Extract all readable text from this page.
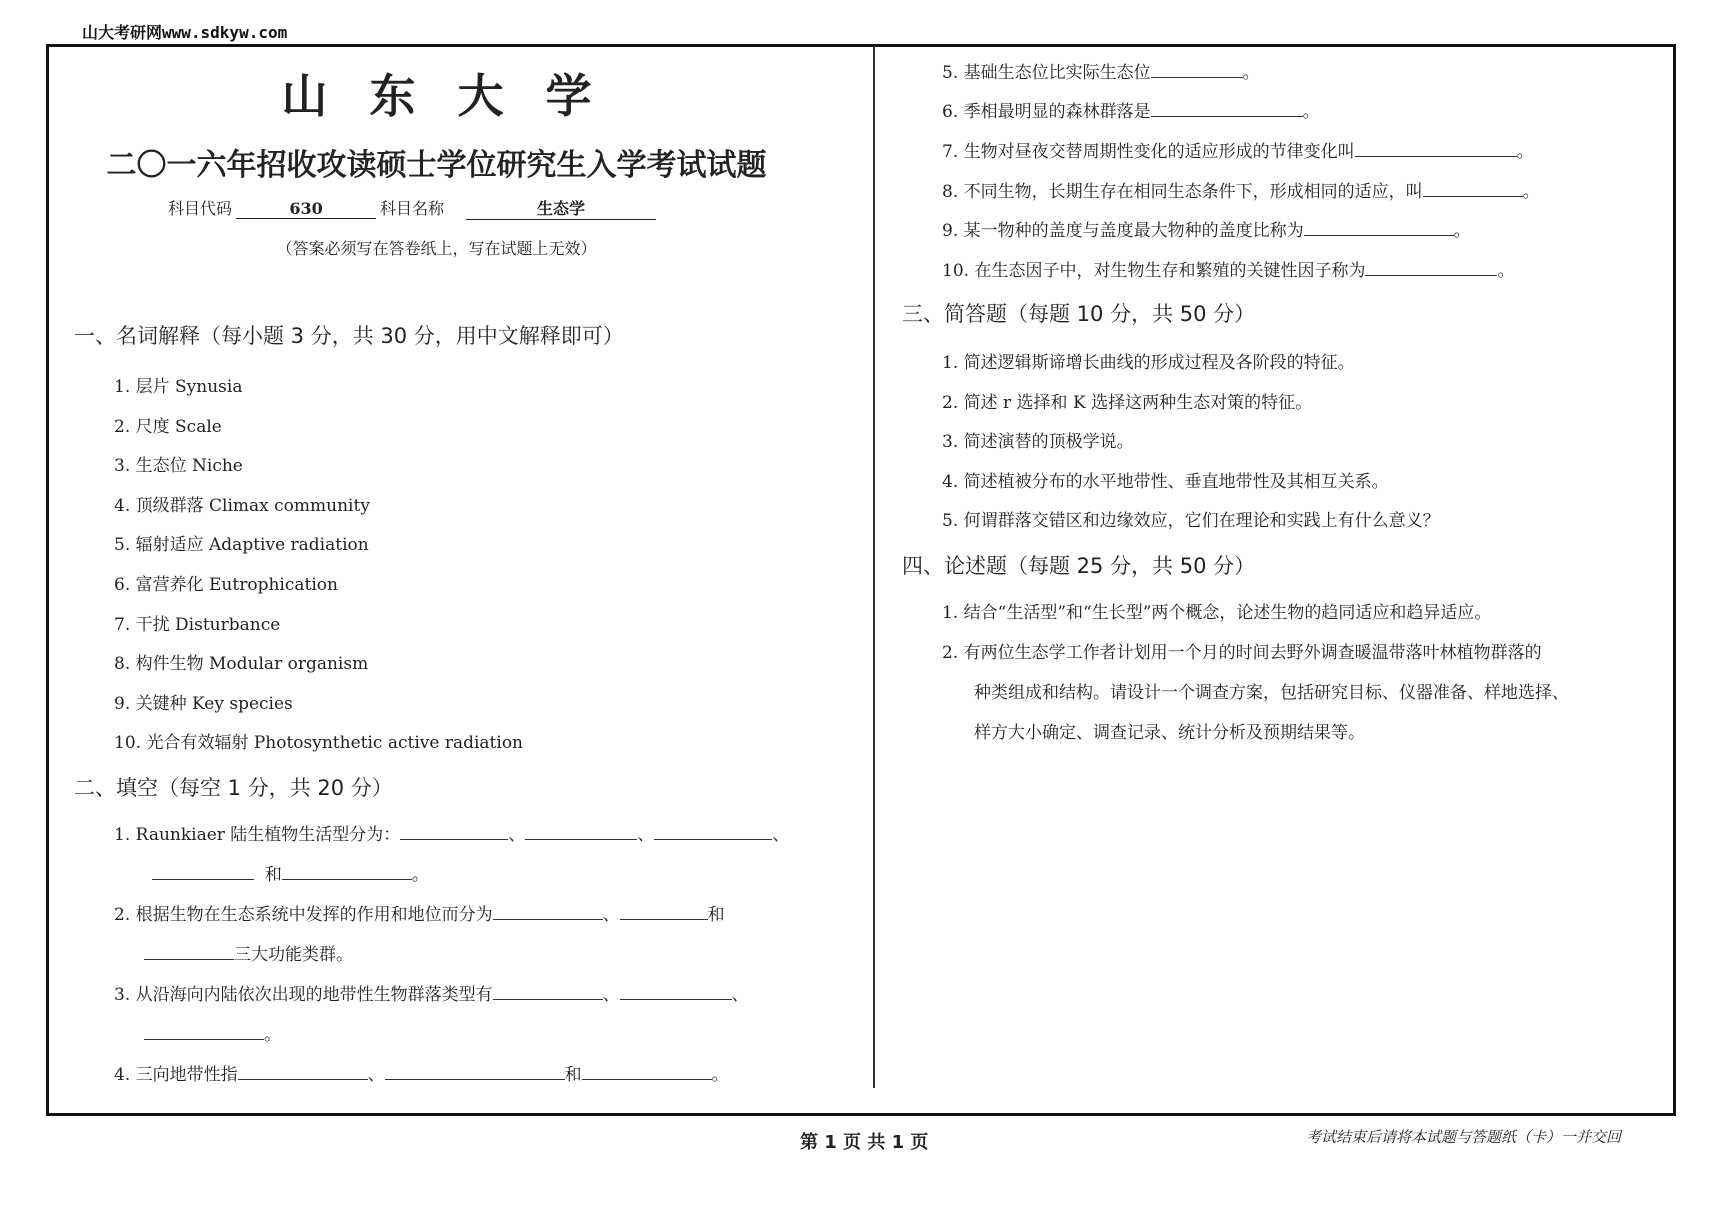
山大考研网www.sdkyw.com
山东大学
二〇一六年招收攻读硕士学位研究生入学考试试题
科目代码	630	科目名称	生态学
（答案必须写在答卷纸上，写在试题上无效）
一、名词解释（每小题 3 分，共 30 分，用中文解释即可）
1. 层片 Synusia
2. 尺度 Scale
3. 生态位 Niche
4. 顶级群落 Climax community
5. 辐射适应 Adaptive radiation
6. 富营养化 Eutrophication
7. 干扰 Disturbance
8. 构件生物 Modular organism
9. 关键种 Key species
10. 光合有效辐射 Photosynthetic active radiation
二、填空（每空 1 分，共 20 分）
1. Raunkiaer 陆生植物生活型分为：	、	、	、
和	。
2. 根据生物在生态系统中发挥的作用和地位而分为	、	和
三大功能类群。
3. 从沿海向内陆依次出现的地带性生物群落类型有	、	、
。
4. 三向地带性指	、	和	。
5. 基础生态位比实际生态位	。
6. 季相最明显的森林群落是	。
7. 生物对昼夜交替周期性变化的适应形成的节律变化叫	。
8. 不同生物，长期生存在相同生态条件下，形成相同的适应，叫	。
9. 某一物种的盖度与盖度最大物种的盖度比称为	。
10. 在生态因子中，对生物生存和繁殖的关键性因子称为	。
三、简答题（每题 10 分，共 50 分）
1. 简述逻辑斯谛增长曲线的形成过程及各阶段的特征。
2. 简述 r 选择和 K 选择这两种生态对策的特征。
3. 简述演替的顶极学说。
4. 简述植被分布的水平地带性、垂直地带性及其相互关系。
5. 何谓群落交错区和边缘效应，它们在理论和实践上有什么意义？
四、论述题（每题 25 分，共 50 分）
1. 结合“生活型”和“生长型”两个概念，论述生物的趋同适应和趋异适应。
2. 有两位生态学工作者计划用一个月的时间去野外调查暖温带落叶林植物群落的
种类组成和结构。请设计一个调查方案，包括研究目标、仪器准备、样地选择、
样方大小确定、调查记录、统计分析及预期结果等。
第 1 页 共 1 页	考试结束后请将本试题与答题纸（卡）一并交回
